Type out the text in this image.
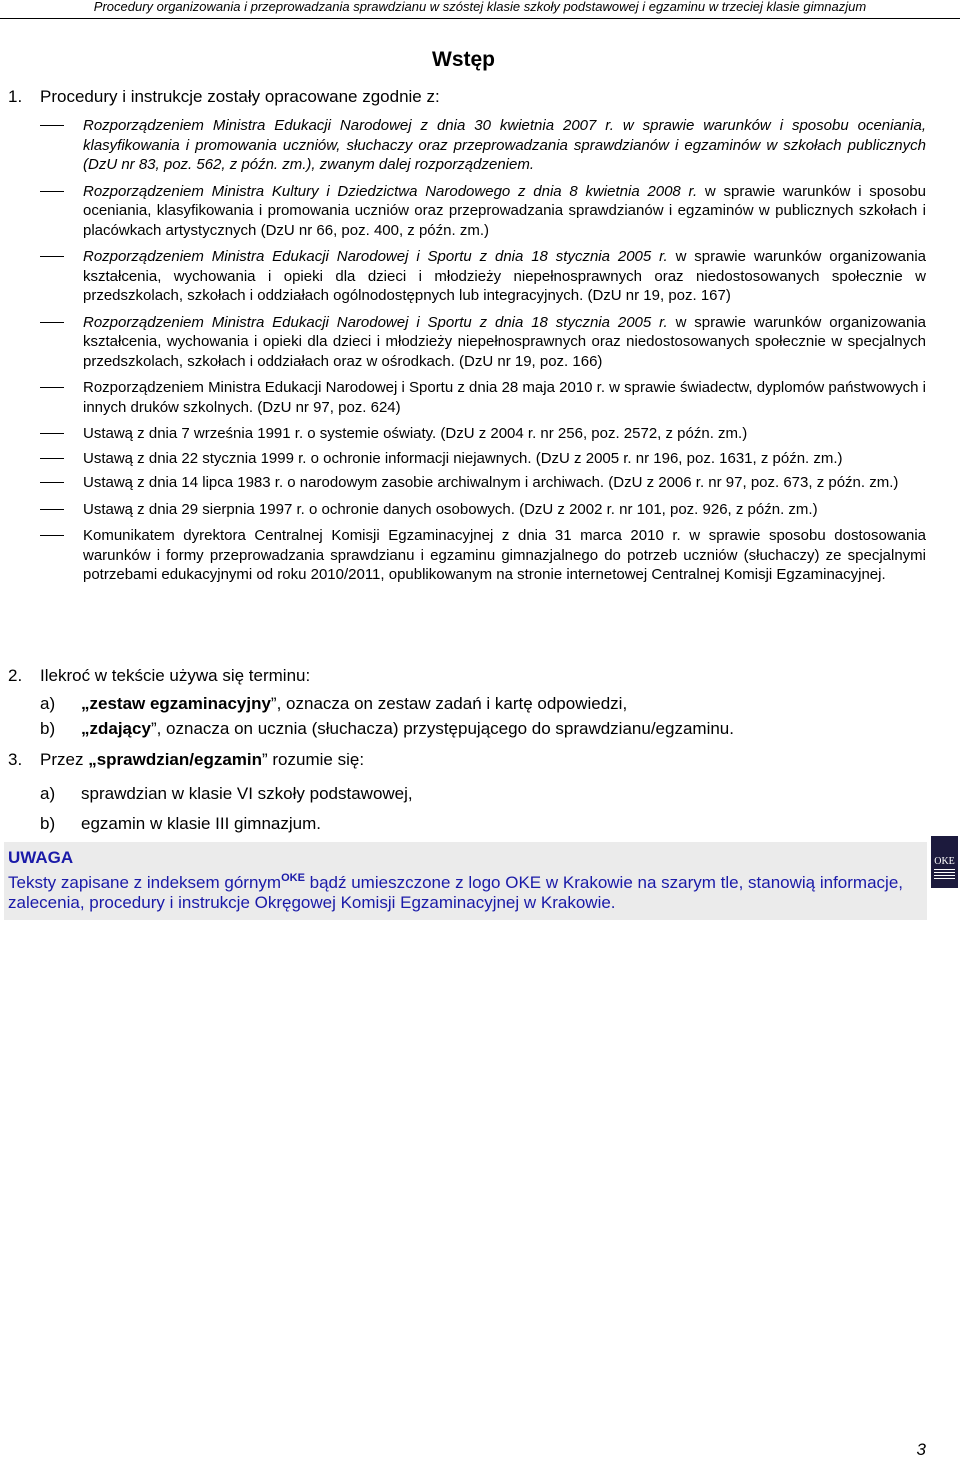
Procedury organizowania i przeprowadzania sprawdzianu w szóstej klasie szkoły podstawowej i egzaminu w trzeciej klasie gimnazjum
Wstęp
1. Procedury i instrukcje zostały opracowane zgodnie z:
Rozporządzeniem Ministra Edukacji Narodowej z dnia 30 kwietnia 2007 r. w sprawie warunków i sposobu oceniania, klasyfikowania i promowania uczniów, słuchaczy oraz przeprowadzania sprawdzianów i egzaminów w szkołach publicznych (DzU nr 83, poz. 562, z późn. zm.), zwanym dalej rozporządzeniem.
Rozporządzeniem Ministra Kultury i Dziedzictwa Narodowego z dnia 8 kwietnia 2008 r. w sprawie warunków i sposobu oceniania, klasyfikowania i promowania uczniów oraz przeprowadzania sprawdzianów i egzaminów w publicznych szkołach i placówkach artystycznych (DzU nr 66, poz. 400, z późn. zm.)
Rozporządzeniem Ministra Edukacji Narodowej i Sportu z dnia 18 stycznia 2005 r. w sprawie warunków organizowania kształcenia, wychowania i opieki dla dzieci i młodzieży niepełnosprawnych oraz niedostosowanych społecznie w przedszkolach, szkołach i oddziałach ogólnodostępnych lub integracyjnych. (DzU nr 19, poz. 167)
Rozporządzeniem Ministra Edukacji Narodowej i Sportu z dnia 18 stycznia 2005 r. w sprawie warunków organizowania kształcenia, wychowania i opieki dla dzieci i młodzieży niepełnosprawnych oraz niedostosowanych społecznie w specjalnych przedszkolach, szkołach i oddziałach oraz w ośrodkach. (DzU nr 19, poz. 166)
Rozporządzeniem Ministra Edukacji Narodowej i Sportu z dnia 28 maja 2010 r. w sprawie świadectw, dyplomów państwowych i innych druków szkolnych. (DzU nr 97, poz. 624)
Ustawą z dnia 7 września 1991 r. o systemie oświaty. (DzU z 2004 r. nr 256, poz. 2572, z późn. zm.)
Ustawą z dnia 22 stycznia 1999 r. o ochronie informacji niejawnych. (DzU z 2005 r. nr 196, poz. 1631, z późn. zm.)
Ustawą z dnia 14 lipca 1983 r. o narodowym zasobie archiwalnym i archiwach. (DzU z 2006 r. nr 97, poz. 673, z późn. zm.)
Ustawą z dnia 29 sierpnia 1997 r. o ochronie danych osobowych. (DzU z 2002 r. nr 101, poz. 926, z późn. zm.)
Komunikatem dyrektora Centralnej Komisji Egzaminacyjnej z dnia 31 marca 2010 r. w sprawie sposobu dostosowania warunków i formy przeprowadzania sprawdzianu i egzaminu gimnazjalnego do potrzeb uczniów (słuchaczy) ze specjalnymi potrzebami edukacyjnymi od roku 2010/2011, opublikowanym na stronie internetowej Centralnej Komisji Egzaminacyjnej.
2. Ilekroć w tekście używa się terminu:
a)	„zestaw egzaminacyjny”, oznacza on zestaw zadań i kartę odpowiedzi,
b)	„zdający”, oznacza on ucznia (słuchacza) przystępującego do sprawdzianu/egzaminu.
3. Przez „sprawdzian/egzamin” rozumie się:
a)	sprawdzian w klasie VI szkoły podstawowej,
b)	egzamin w klasie III gimnazjum.
UWAGA
Teksty zapisane z indeksem górnym$^{OKE}$ bądź umieszczone z logo OKE w Krakowie na szarym tle, stanowią informacje, zalecenia, procedury i instrukcje Okręgowej Komisji Egzaminacyjnej w Krakowie.
OKE
3
